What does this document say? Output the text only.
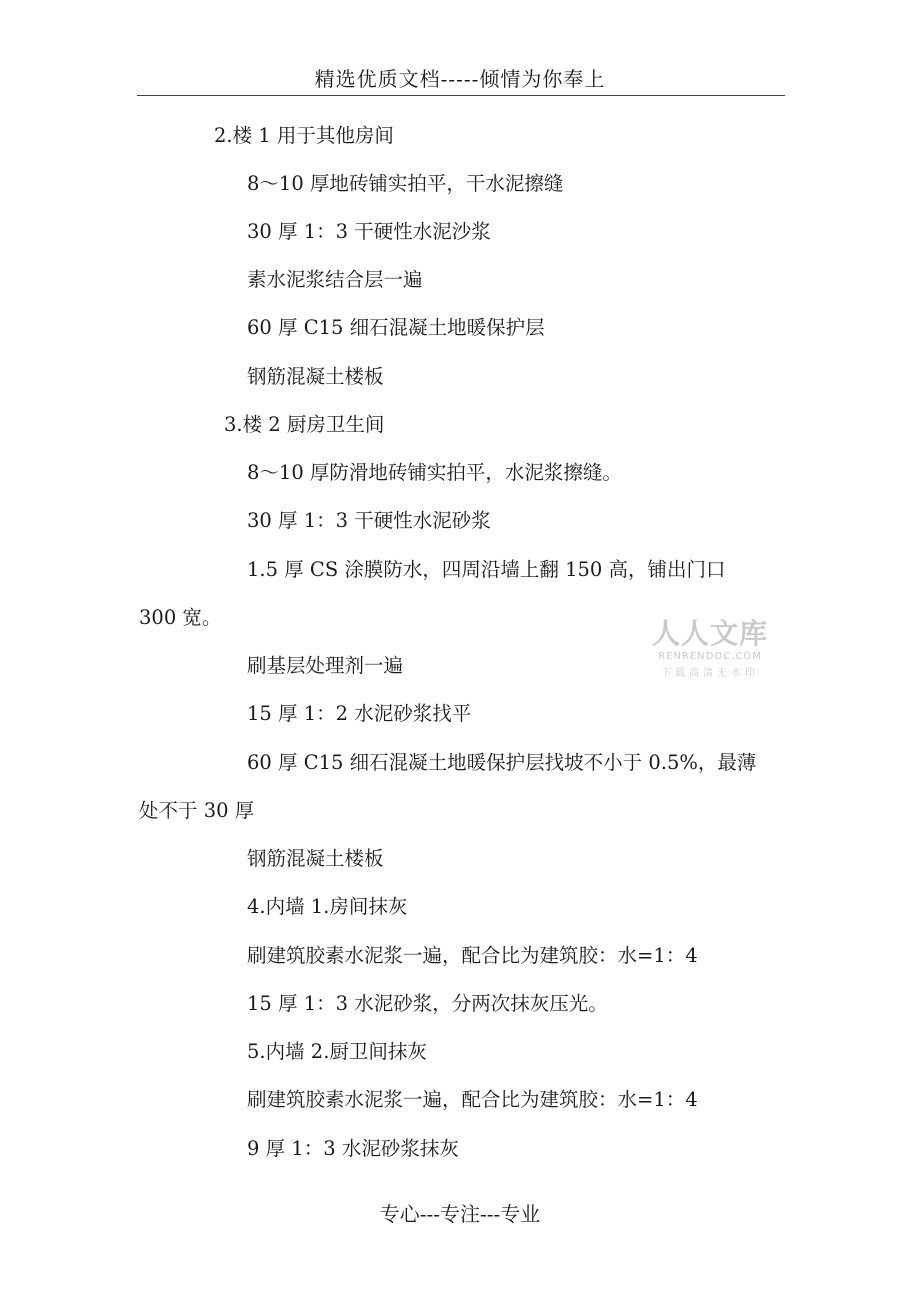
精选优质文档-----倾情为你奉上
2.楼 1 用于其他房间
8～10 厚地砖铺实拍平，干水泥擦缝
30 厚 1：3 干硬性水泥沙浆
素水泥浆结合层一遍
60 厚 C15 细石混凝土地暖保护层
钢筋混凝土楼板
3.楼 2 厨房卫生间
8～10 厚防滑地砖铺实拍平，水泥浆擦缝。
30 厚 1：3 干硬性水泥砂浆
1.5 厚 CS 涂膜防水，四周沿墙上翻 150 高，铺出门口
300 宽。
刷基层处理剂一遍
15 厚 1：2 水泥砂浆找平
60 厚 C15 细石混凝土地暖保护层找坡不小于 0.5%，最薄
处不于 30 厚
钢筋混凝土楼板
4.内墙 1.房间抹灰
刷建筑胶素水泥浆一遍，配合比为建筑胶：水=1：4
15 厚 1：3 水泥砂浆，分两次抹灰压光。
5.内墙 2.厨卫间抹灰
刷建筑胶素水泥浆一遍，配合比为建筑胶：水=1：4
9 厚 1：3 水泥砂浆抹灰
人人文库
RENRENDOC.COM
下载高清无水印
专心---专注---专业
